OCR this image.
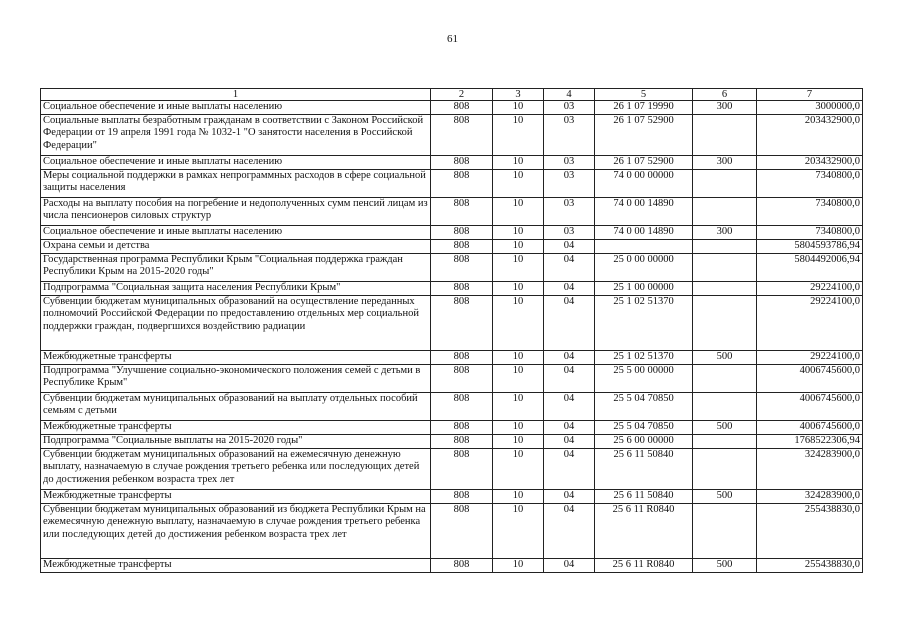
61
1	2	3	4	5	6	7
Социальное обеспечение и иные выплаты населению	808	10	03	26 1 07 19990	300	3000000,0
Социальные выплаты безработным гражданам в соответствии с Законом Российской Федерации от 19 апреля 1991 года № 1032-1 "О занятости населения в Российской Федерации"	808	10	03	26 1 07 52900		203432900,0
Социальное обеспечение и иные выплаты населению	808	10	03	26 1 07 52900	300	203432900,0
Меры социальной поддержки в рамках непрограммных расходов в сфере социальной защиты населения	808	10	03	74 0 00 00000		7340800,0
Расходы на выплату пособия на погребение и недополученных сумм пенсий лицам из числа пенсионеров силовых структур	808	10	03	74 0 00 14890		7340800,0
Социальное обеспечение и иные выплаты населению	808	10	03	74 0 00 14890	300	7340800,0
Охрана семьи и детства	808	10	04			5804593786,94
Государственная программа Республики Крым "Социальная поддержка граждан Республики Крым на 2015-2020 годы"	808	10	04	25 0 00 00000		5804492006,94
Подпрограмма "Социальная защита населения Республики Крым"	808	10	04	25 1 00 00000		29224100,0
Субвенции бюджетам муниципальных образований на осуществление переданных полномочий Российской Федерации по предоставлению отдельных мер социальной поддержки граждан, подвергшихся воздействию радиации	808	10	04	25 1 02 51370		29224100,0
Межбюджетные трансферты	808	10	04	25 1 02 51370	500	29224100,0
Подпрограмма "Улучшение социально-экономического положения семей с детьми в Республике Крым"	808	10	04	25 5 00 00000		4006745600,0
Субвенции бюджетам муниципальных образований на выплату отдельных пособий семьям с детьми	808	10	04	25 5 04 70850		4006745600,0
Межбюджетные трансферты	808	10	04	25 5 04 70850	500	4006745600,0
Подпрограмма "Социальные выплаты на 2015-2020 годы"	808	10	04	25 6 00 00000		1768522306,94
Субвенции бюджетам муниципальных образований на ежемесячную денежную выплату, назначаемую в случае рождения третьего ребенка или последующих детей до достижения ребенком возраста трех лет	808	10	04	25 6 11 50840		324283900,0
Межбюджетные трансферты	808	10	04	25 6 11 50840	500	324283900,0
Субвенции бюджетам муниципальных образований из бюджета Республики Крым на ежемесячную денежную выплату, назначаемую в случае рождения третьего ребенка или последующих детей до достижения ребенком возраста трех лет	808	10	04	25 6 11 R0840		255438830,0
Межбюджетные трансферты	808	10	04	25 6 11 R0840	500	255438830,0
